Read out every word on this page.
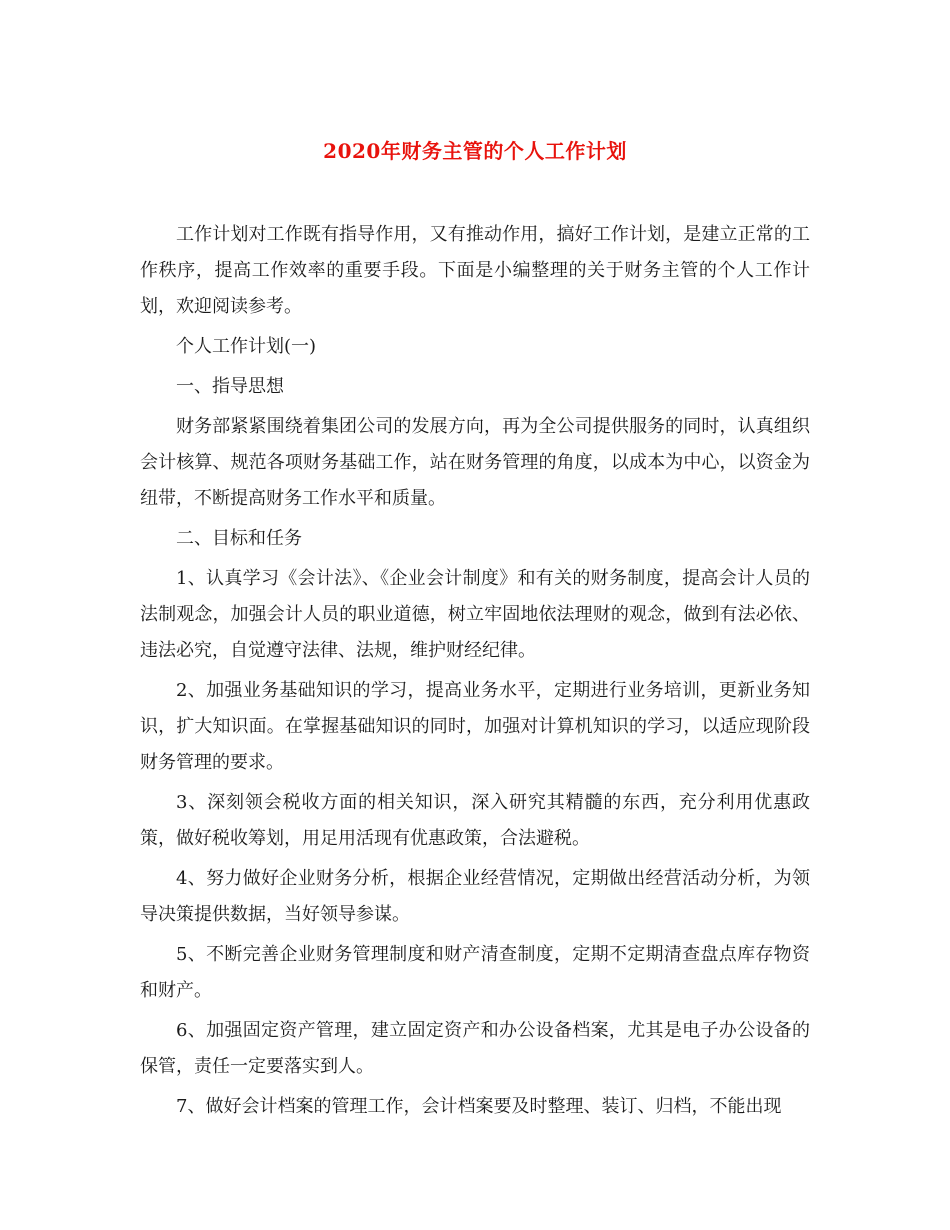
2020年财务主管的个人工作计划

工作计划对工作既有指导作用，又有推动作用，搞好工作计划，是建立正常的工作秩序，提高工作效率的重要手段。下面是小编整理的关于财务主管的个人工作计划，欢迎阅读参考。

个人工作计划(一)

一、指导思想

财务部紧紧围绕着集团公司的发展方向，再为全公司提供服务的同时，认真组织会计核算、规范各项财务基础工作，站在财务管理的角度，以成本为中心，以资金为纽带，不断提高财务工作水平和质量。

二、目标和任务

1、认真学习《会计法》、《企业会计制度》和有关的财务制度，提高会计人员的法制观念，加强会计人员的职业道德，树立牢固地依法理财的观念，做到有法必依、违法必究，自觉遵守法律、法规，维护财经纪律。

2、加强业务基础知识的学习，提高业务水平，定期进行业务培训，更新业务知识，扩大知识面。在掌握基础知识的同时，加强对计算机知识的学习，以适应现阶段财务管理的要求。

3、深刻领会税收方面的相关知识，深入研究其精髓的东西，充分利用优惠政策，做好税收筹划，用足用活现有优惠政策，合法避税。

4、努力做好企业财务分析，根据企业经营情况，定期做出经营活动分析，为领导决策提供数据，当好领导参谋。

5、不断完善企业财务管理制度和财产清查制度，定期不定期清查盘点库存物资和财产。

6、加强固定资产管理，建立固定资产和办公设备档案，尤其是电子办公设备的保管，责任一定要落实到人。

7、做好会计档案的管理工作，会计档案要及时整理、装订、归档，不能出现
